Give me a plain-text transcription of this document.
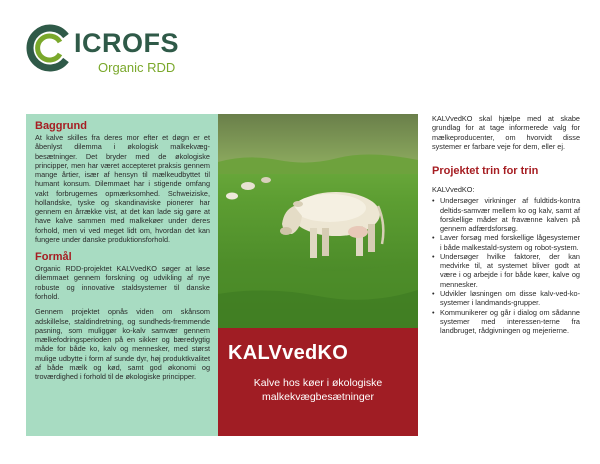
ICROFS
Organic RDD
Baggrund

At kalve skilles fra deres mor efter et døgn er et åbenlyst dilemma i økologisk malkekvæg-besætninger. Det bryder med de økologiske principper, men har været accepteret praksis gennem mange årtier, især af hensyn til mælkeudbyttet til humant konsum. Dilemmaet har i stigende omfang vakt forbrugernes opmærksomhed. Schweiziske, hollandske, tyske og skandinaviske pionerer har gennem en årrække vist, at det kan lade sig gøre at have kalve sammen med malkekøer under deres forhold, men vi ved meget lidt om, hvordan det kan fungere under danske produktionsforhold.

Formål

Organic RDD-projektet KALVvedKO søger at løse dilemmaet gennem forskning og udvikling af nye robuste og innovative staldsystemer til danske forhold.

Gennem projektet opnås viden om skånsom adskillelse, staldindretning, og sundheds-fremmende pasning, som muliggør ko-kalv samvær gennem mælkefodringsperioden på en sikker og bæredygtig måde for både ko, kalv og mennesker, med størst mulige udbytte i form af sunde dyr, høj produktkvalitet af både mælk og kød, samt god økonomi og troværdighed i forhold til de økologiske principper.

KALVvedKO
Kalve hos køer i økologiske malkekvægbesætninger

KALVvedKO skal hjælpe med at skabe grundlag for at tage informerede valg for mælkeproducenter, om hvorvidt disse systemer er farbare veje for dem, eller ej.

Projektet trin for trin

KALVvedKO:

• Undersøger virkninger af fuldtids-kontra deltids-samvær mellem ko og kalv, samt af forskellige måder at fravænne kalven på gennem adfærdsforsøg.
• Laver forsøg med forskellige lågesystemer i både malkestald-system og robot-system.
• Undersøger hvilke faktorer, der kan medvirke til, at systemet bliver godt at være i og arbejde i for både køer, kalve og mennesker.
• Udvikler løsningen om disse kalv-ved-ko-systemer i landmands-grupper.
• Kommunikerer og går i dialog om sådanne systemer med interessen-terne fra landbruget, rådgivningen og mejerierne.
